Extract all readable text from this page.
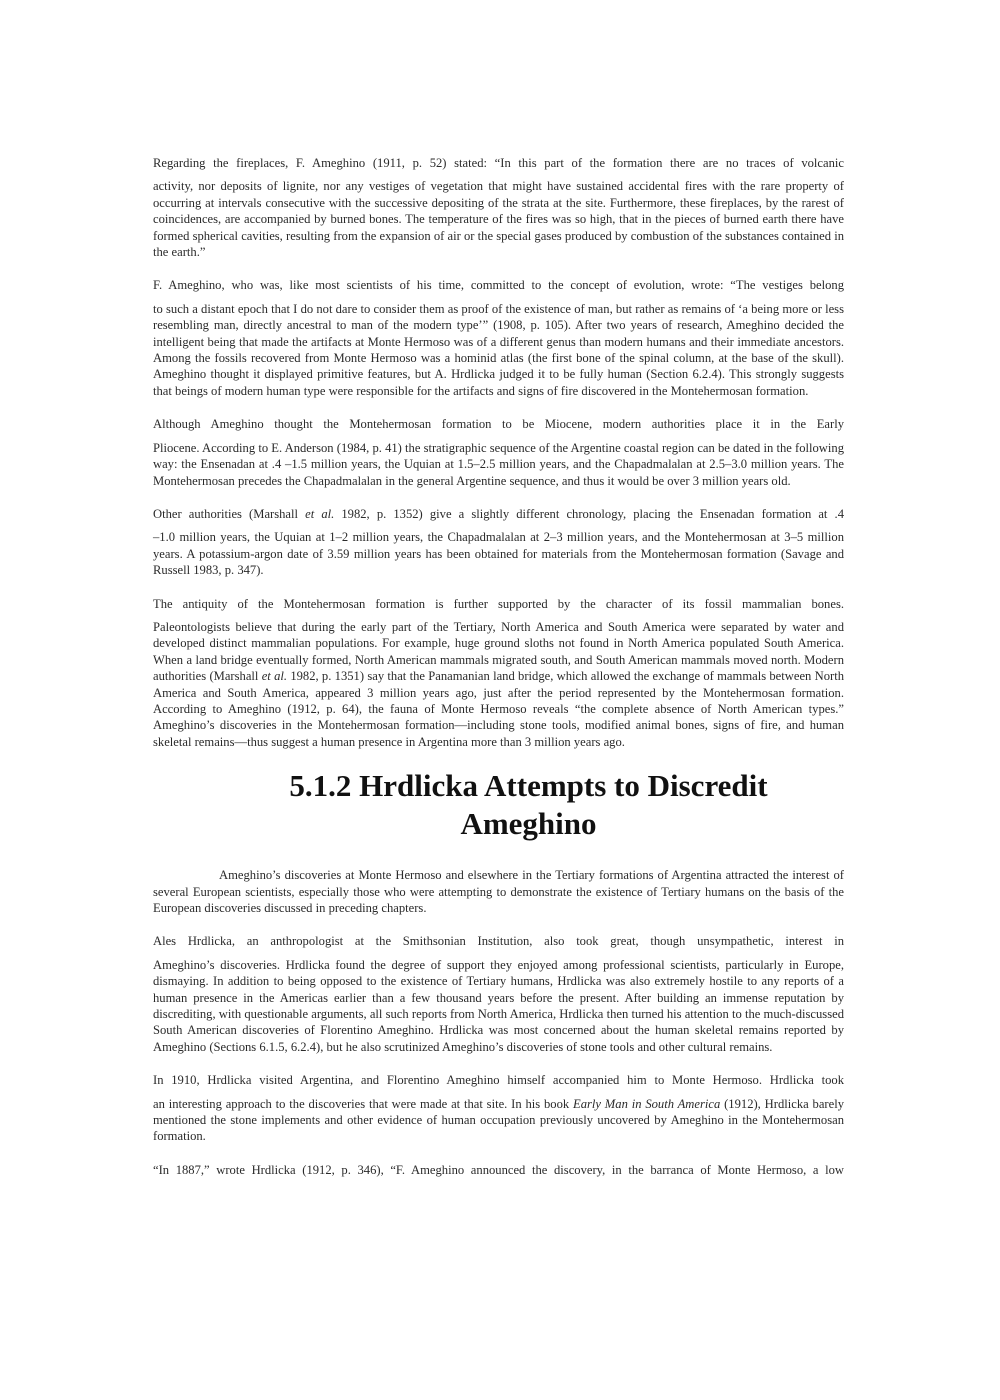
Regarding the fireplaces, F. Ameghino (1911, p. 52) stated: “In this part of the formation there are no traces of volcanic
activity, nor deposits of lignite, nor any vestiges of vegetation that might have sustained accidental fires with the rare property of occurring at intervals consecutive with the successive depositing of the strata at the site. Furthermore, these fireplaces, by the rarest of coincidences, are accompanied by burned bones. The temperature of the fires was so high, that in the pieces of burned earth there have formed spherical cavities, resulting from the expansion of air or the special gases produced by combustion of the substances contained in the earth.”

F. Ameghino, who was, like most scientists of his time, committed to the concept of evolution, wrote: “The vestiges belong
to such a distant epoch that I do not dare to consider them as proof of the existence of man, but rather as remains of ‘a being more or less resembling man, directly ancestral to man of the modern type’” (1908, p. 105). After two years of research, Ameghino decided the intelligent being that made the artifacts at Monte Hermoso was of a different genus than modern humans and their immediate ancestors. Among the fossils recovered from Monte Hermoso was a hominid atlas (the first bone of the spinal column, at the base of the skull). Ameghino thought it displayed primitive features, but A. Hrdlicka judged it to be fully human (Section 6.2.4). This strongly suggests that beings of modern human type were responsible for the artifacts and signs of fire discovered in the Montehermosan formation.

Although Ameghino thought the Montehermosan formation to be Miocene, modern authorities place it in the Early
Pliocene. According to E. Anderson (1984, p. 41) the stratigraphic sequence of the Argentine coastal region can be dated in the following way: the Ensenadan at .4 –1.5 million years, the Uquian at 1.5–2.5 million years, and the Chapadmalalan at 2.5–3.0 million years. The Montehermosan precedes the Chapadmalalan in the general Argentine sequence, and thus it would be over 3 million years old.

Other authorities (Marshall et al. 1982, p. 1352) give a slightly different chronology, placing the Ensenadan formation at .4
–1.0 million years, the Uquian at 1–2 million years, the Chapadmalalan at 2–3 million years, and the Montehermosan at 3–5 million years. A potassium-argon date of 3.59 million years has been obtained for materials from the Montehermosan formation (Savage and Russell 1983, p. 347).

The antiquity of the Montehermosan formation is further supported by the character of its fossil mammalian bones.
Paleontologists believe that during the early part of the Tertiary, North America and South America were separated by water and developed distinct mammalian populations. For example, huge ground sloths not found in North America populated South America. When a land bridge eventually formed, North American mammals migrated south, and South American mammals moved north. Modern authorities (Marshall et al. 1982, p. 1351) say that the Panamanian land bridge, which allowed the exchange of mammals between North America and South America, appeared 3 million years ago, just after the period represented by the Montehermosan formation. According to Ameghino (1912, p. 64), the fauna of Monte Hermoso reveals “the complete absence of North American types.” Ameghino’s discoveries in the Montehermosan formation—including stone tools, modified animal bones, signs of fire, and human skeletal remains—thus suggest a human presence in Argentina more than 3 million years ago.

5.1.2 Hrdlicka Attempts to Discredit
Ameghino

Ameghino’s discoveries at Monte Hermoso and elsewhere in the Tertiary formations of Argentina attracted the interest of several European scientists, especially those who were attempting to demonstrate the existence of Tertiary humans on the basis of the European discoveries discussed in preceding chapters.

Ales Hrdlicka, an anthropologist at the Smithsonian Institution, also took great, though unsympathetic, interest in
Ameghino’s discoveries. Hrdlicka found the degree of support they enjoyed among professional scientists, particularly in Europe, dismaying. In addition to being opposed to the existence of Tertiary humans, Hrdlicka was also extremely hostile to any reports of a human presence in the Americas earlier than a few thousand years before the present. After building an immense reputation by discrediting, with questionable arguments, all such reports from North America, Hrdlicka then turned his attention to the much-discussed South American discoveries of Florentino Ameghino. Hrdlicka was most concerned about the human skeletal remains reported by Ameghino (Sections 6.1.5, 6.2.4), but he also scrutinized Ameghino’s discoveries of stone tools and other cultural remains.

In 1910, Hrdlicka visited Argentina, and Florentino Ameghino himself accompanied him to Monte Hermoso. Hrdlicka took
an interesting approach to the discoveries that were made at that site. In his book Early Man in South America (1912), Hrdlicka barely mentioned the stone implements and other evidence of human occupation previously uncovered by Ameghino in the Montehermosan formation.

“In 1887,” wrote Hrdlicka (1912, p. 346), “F. Ameghino announced the discovery, in the barranca of Monte Hermoso, a low
